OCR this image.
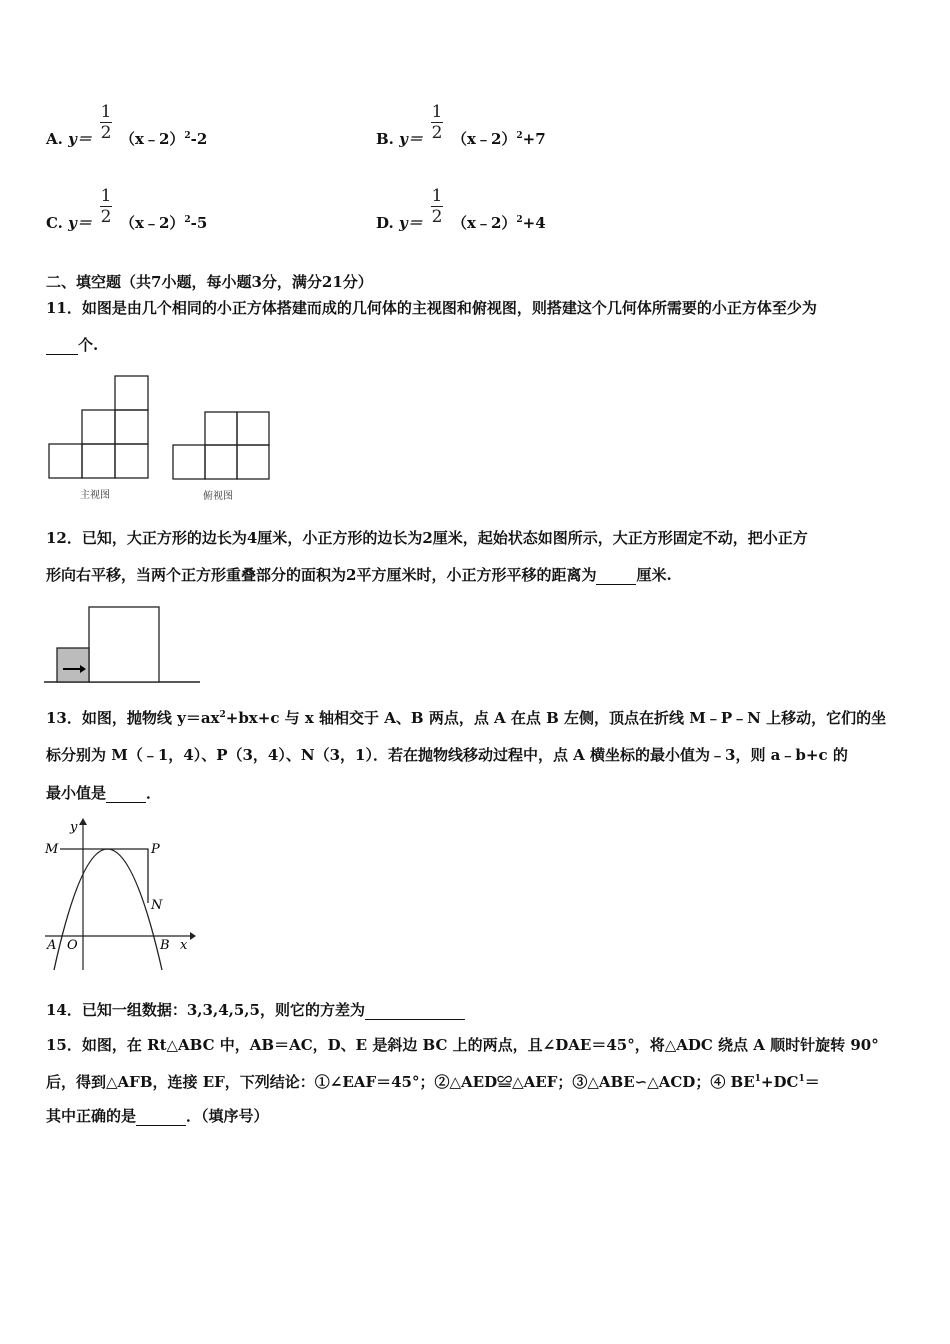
A. y＝
1
2 （x﹣2）$^2$-2	B. y＝
1
2 （x﹣2）$^2$+7
C. y＝
1
2 （x﹣2）$^2$-5	D. y＝
1
2 （x﹣2）$^2$+4
二、填空题（共7小题，每小题3分，满分21分）
11．如图是由几个相同的小正方体搭建而成的几何体的主视图和俯视图，则搭建这个几何体所需要的小正方体至少为
个.
主视图	俯视图
12．已知，大正方形的边长为4厘米，小正方形的边长为2厘米，起始状态如图所示，大正方形固定不动，把小正方
形向右平移，当两个正方形重叠部分的面积为2平方厘米时，小正方形平移的距离为	厘米.
13．如图，抛物线 $y=ax^2+bx+c$ 与 x 轴相交于 A、B 两点，点 A 在点 B 左侧，顶点在折线 M﹣P﹣N 上移动，它们的坐
标分别为 M（﹣1，4）、P（3，4）、N（3，1）．若在抛物线移动过程中，点 A 横坐标的最小值为﹣3，则 a﹣b+c 的
最小值是	．
y
M	P
N
A O	B x
14．已知一组数据：3,3,4,5,5，则它的方差为
15．如图，在 Rt△ABC 中，AB＝AC，D、E 是斜边 BC 上的两点，且∠DAE＝45°，将△ADC 绕点 A 顺时针旋转 90°
后，得到△AFB，连接 EF，下列结论：①∠EAF＝45°；②△AED≌△AEF；③△ABE∽△ACD；④ $BE^1+DC^1=$
其中正确的是	．（填序号）
